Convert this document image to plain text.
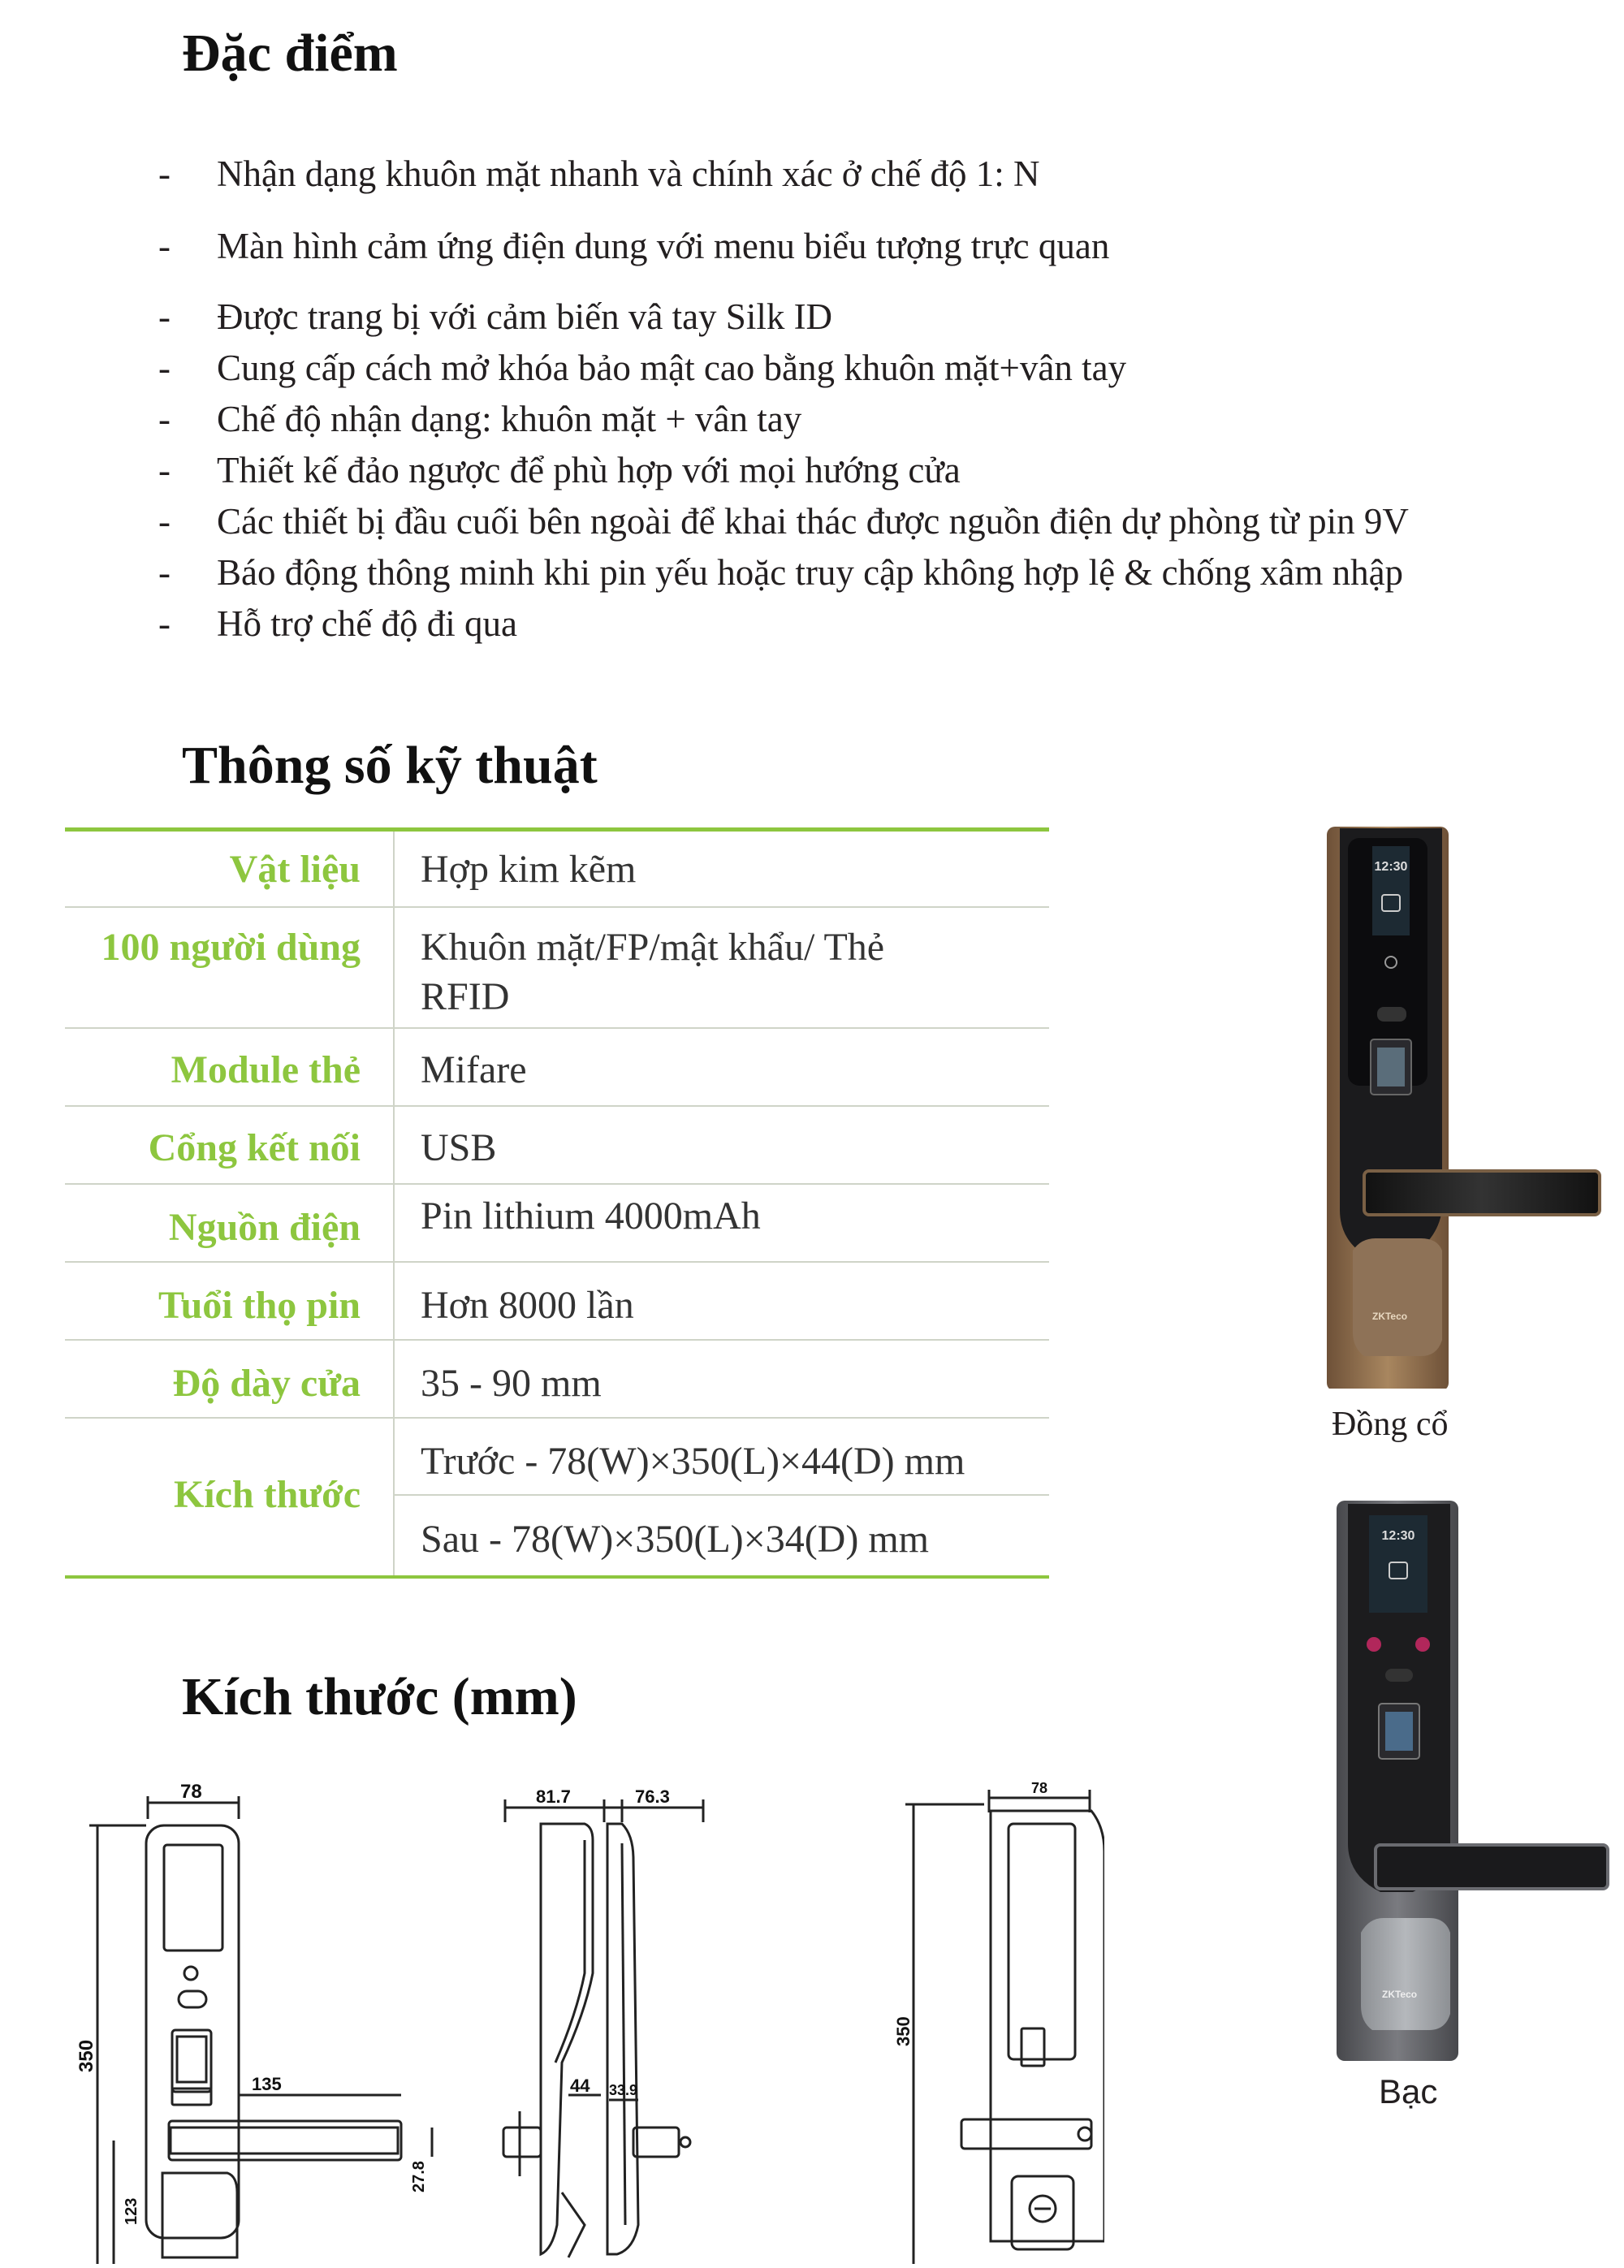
Đặc điểm
- Nhận dạng khuôn mặt nhanh và chính xác ở chế độ 1: N
- Màn hình cảm ứng điện dung với menu biểu tượng trực quan
- Được trang bị với cảm biến vâ tay Silk ID
- Cung cấp cách mở khóa bảo mật cao bằng khuôn mặt+vân tay
- Chế độ nhận dạng: khuôn mặt + vân tay
- Thiết kế đảo ngược để phù hợp với mọi hướng cửa
- Các thiết bị đầu cuối bên ngoài để khai thác được nguồn điện dự phòng từ pin 9V
- Báo động thông minh khi pin yếu hoặc truy cập không hợp lệ & chống xâm nhập
- Hỗ trợ chế độ đi qua
Thông số kỹ thuật
Vật liệu Hợp kim kẽm
100 người dùng Khuôn mặt/FP/mật khẩu/ Thẻ
RFID
Module thẻ Mifare
Cổng kết nối USB
Nguồn điện Pin lithium 4000mAh
Tuổi thọ pin Hơn 8000 lần
Độ dày cửa 35 - 90 mm
Kích thước
Trước - 78(W)×350(L)×44(D) mm
Sau - 78(W)×350(L)×34(D) mm
12:30
ZKTeco
Đồng cổ
12:30
ZKTeco
Bạc
Kích thước (mm)
78
350
135
123
81.7
27.8
44
76.3
33.9
78
350
